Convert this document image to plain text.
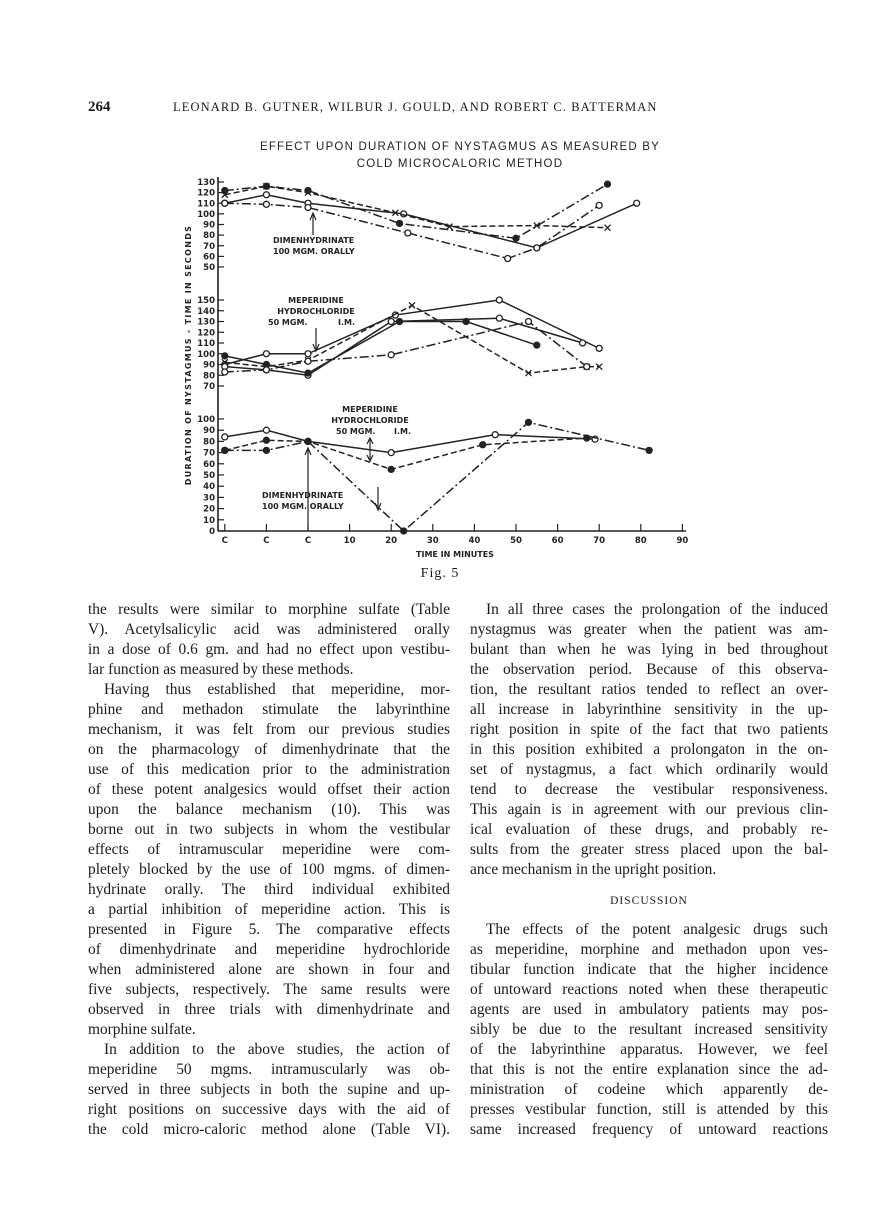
264	LEONARD B. GUTNER, WILBUR J. GOULD, AND ROBERT C. BATTERMAN
EFFECT UPON DURATION OF NYSTAGMUS AS MEASURED BY
COLD MICROCALORIC METHOD
DURATION OF NYSTAGMUS - TIME IN SECONDS
TIME IN MINUTES
C	C	C	10	20	30	40	50	60	70	80	90
130
120
110
100
90
80
70
60
50
150
140
130
120
110
100
90
80
70
100
90
80
70
60
50
40
30
20
10
0
DIMENHYDRINATE
100 MGM. ORALLY
MEPERIDINE
HYDROCHLORIDE
50 MGM.	I.M.
MEPERIDINE
HYDROCHLORIDE
50 MGM. I.M.
DIMENHYDRINATE
100 MGM. ORALLY
Fig. 5
the results were similar to morphine sulfate (Table
V). Acetylsalicylic acid was administered orally
in a dose of 0.6 gm. and had no effect upon vestibu-
lar function as measured by these methods.
Having thus established that meperidine, mor-
phine and methadon stimulate the labyrinthine
mechanism, it was felt from our previous studies
on the pharmacology of dimenhydrinate that the
use of this medication prior to the administration
of these potent analgesics would offset their action
upon the balance mechanism (10). This was
borne out in two subjects in whom the vestibular
effects of intramuscular meperidine were com-
pletely blocked by the use of 100 mgms. of dimen-
hydrinate orally. The third individual exhibited
a partial inhibition of meperidine action. This is
presented in Figure 5. The comparative effects
of dimenhydrinate and meperidine hydrochloride
when administered alone are shown in four and
five subjects, respectively. The same results were
observed in three trials with dimenhydrinate and
morphine sulfate.
In addition to the above studies, the action of
meperidine 50 mgms. intramuscularly was ob-
served in three subjects in both the supine and up-
right positions on successive days with the aid of
the cold micro-caloric method alone (Table VI).
In all three cases the prolongation of the induced
nystagmus was greater when the patient was am-
bulant than when he was lying in bed throughout
the observation period. Because of this observa-
tion, the resultant ratios tended to reflect an over-
all increase in labyrinthine sensitivity in the up-
right position in spite of the fact that two patients
in this position exhibited a prolongaton in the on-
set of nystagmus, a fact which ordinarily would
tend to decrease the vestibular responsiveness.
This again is in agreement with our previous clin-
ical evaluation of these drugs, and probably re-
sults from the greater stress placed upon the bal-
ance mechanism in the upright position.
DISCUSSION
The effects of the potent analgesic drugs such
as meperidine, morphine and methadon upon ves-
tibular function indicate that the higher incidence
of untoward reactions noted when these therapeutic
agents are used in ambulatory patients may pos-
sibly be due to the resultant increased sensitivity
of the labyrinthine apparatus. However, we feel
that this is not the entire explanation since the ad-
ministration of codeine which apparently de-
presses vestibular function, still is attended by this
same increased frequency of untoward reactions
